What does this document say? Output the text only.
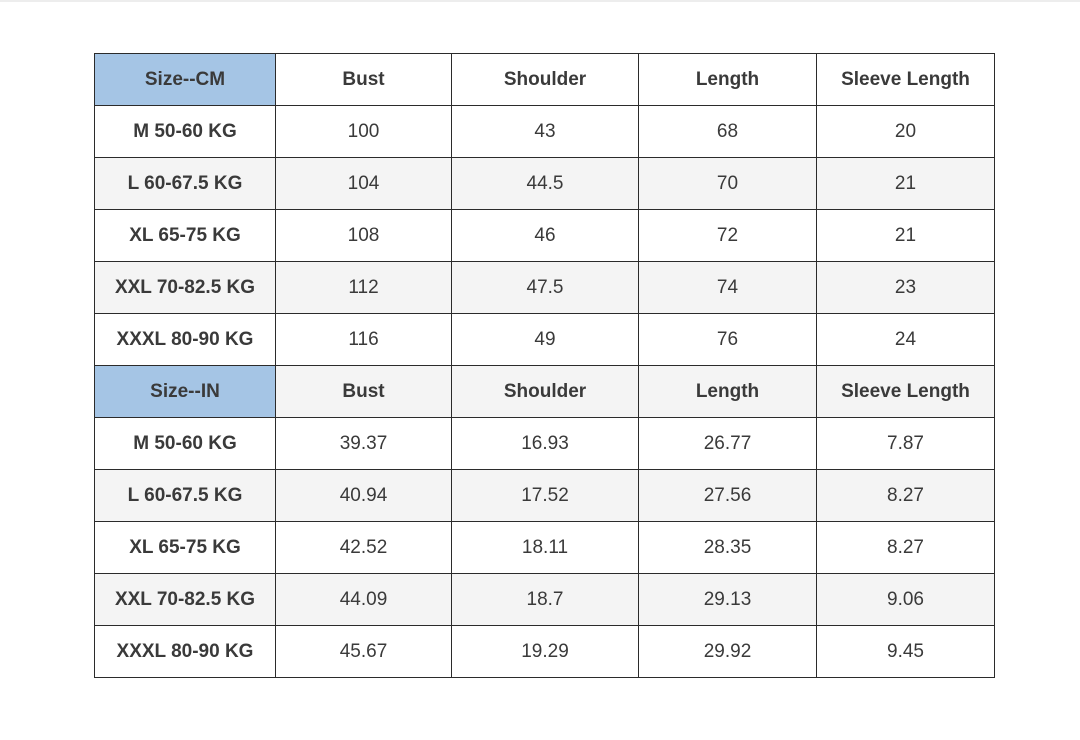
Size--CM	Bust	Shoulder	Length	Sleeve Length
M 50-60 KG	100	43	68	20
L 60-67.5 KG	104	44.5	70	21
XL 65-75 KG	108	46	72	21
XXL 70-82.5 KG	112	47.5	74	23
XXXL 80-90 KG	116	49	76	24
Size--IN	Bust	Shoulder	Length	Sleeve Length
M 50-60 KG	39.37	16.93	26.77	7.87
L 60-67.5 KG	40.94	17.52	27.56	8.27
XL 65-75 KG	42.52	18.11	28.35	8.27
XXL 70-82.5 KG	44.09	18.7	29.13	9.06
XXXL 80-90 KG	45.67	19.29	29.92	9.45
